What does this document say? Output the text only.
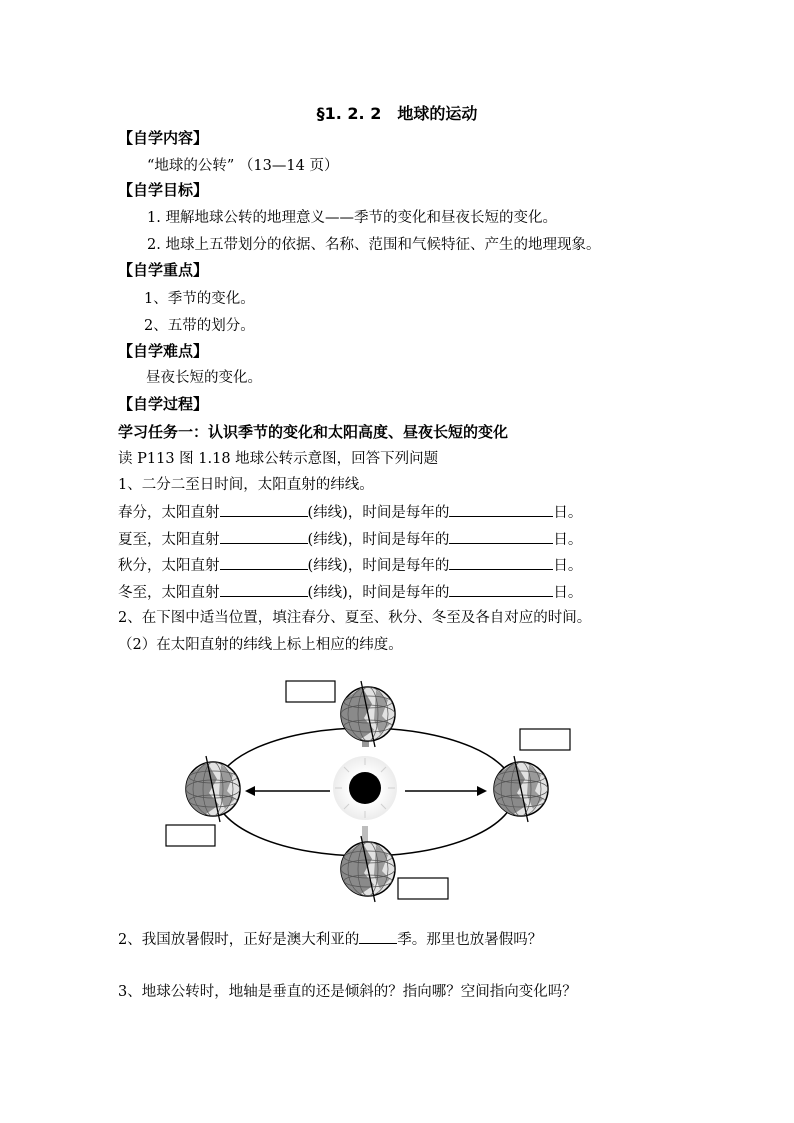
§1. 2. 2　地球的运动
【自学内容】
“地球的公转” （13—14 页）
【自学目标】
1. 理解地球公转的地理意义——季节的变化和昼夜长短的变化。
2. 地球上五带划分的依据、名称、范围和气候特征、产生的地理现象。
【自学重点】
1、季节的变化。
2、五带的划分。
【自学难点】
昼夜长短的变化。
【自学过程】
学习任务一：认识季节的变化和太阳高度、昼夜长短的变化
读 P113 图 1.18 地球公转示意图，回答下列问题
1、二分二至日时间，太阳直射的纬线。
春分，太阳直射	(纬线)，时间是每年的	日。
夏至，太阳直射	(纬线)，时间是每年的	日。
秋分，太阳直射	(纬线)，时间是每年的	日。
冬至，太阳直射	(纬线)，时间是每年的	日。
2、在下图中适当位置，填注春分、夏至、秋分、冬至及各自对应的时间。
（2）在太阳直射的纬线上标上相应的纬度。
2、我国放暑假时，正好是澳大利亚的	季。那里也放暑假吗？
3、地球公转时，地轴是垂直的还是倾斜的？指向哪？空间指向变化吗？
